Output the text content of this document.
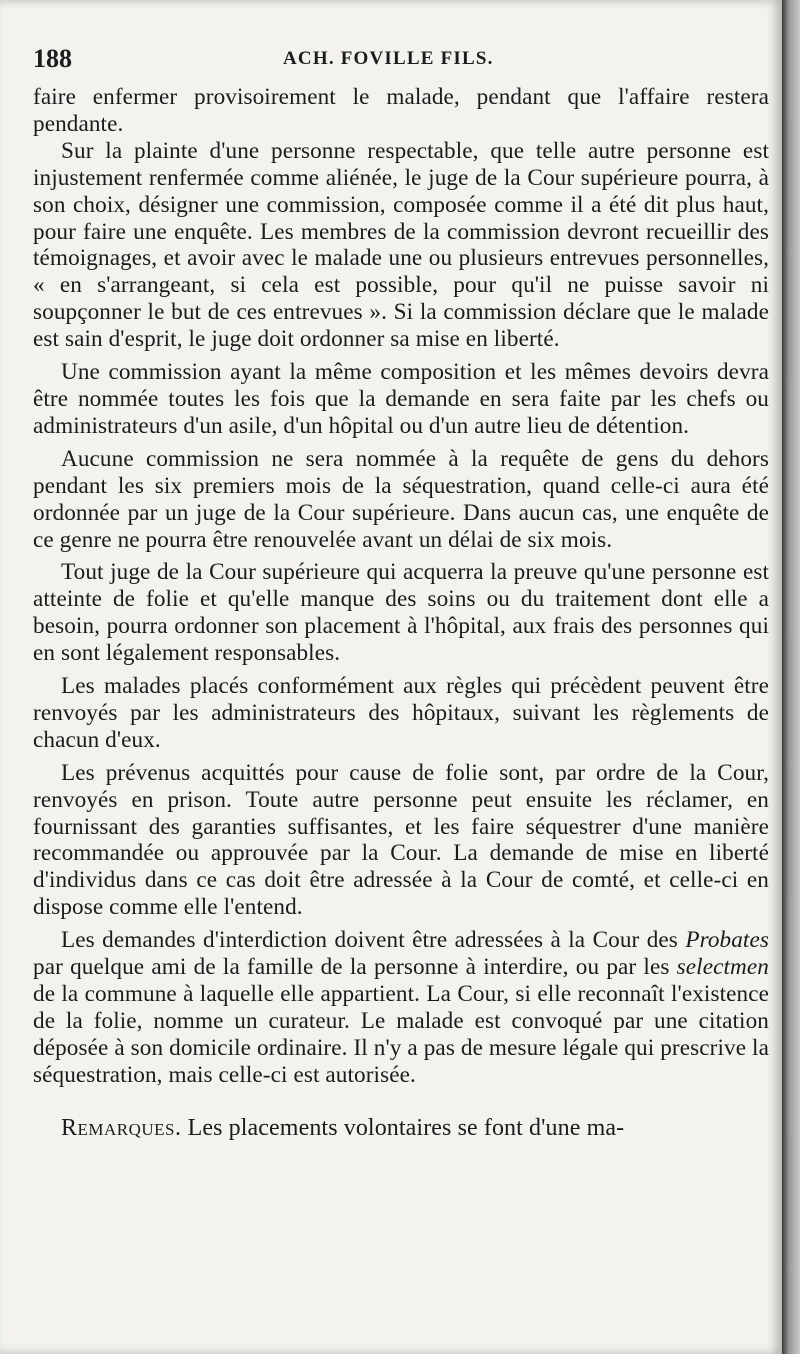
188	ACH. FOVILLE FILS.

faire enfermer provisoirement le malade, pendant que l'affaire restera pendante.

Sur la plainte d'une personne respectable, que telle autre personne est injustement renfermée comme aliénée, le juge de la Cour supérieure pourra, à son choix, désigner une commission, composée comme il a été dit plus haut, pour faire une enquête. Les membres de la commission devront recueillir des témoignages, et avoir avec le malade une ou plusieurs entrevues personnelles, « en s'arrangeant, si cela est possible, pour qu'il ne puisse savoir ni soupçonner le but de ces entrevues ». Si la commission déclare que le malade est sain d'esprit, le juge doit ordonner sa mise en liberté.

Une commission ayant la même composition et les mêmes devoirs devra être nommée toutes les fois que la demande en sera faite par les chefs ou administrateurs d'un asile, d'un hôpital ou d'un autre lieu de détention.

Aucune commission ne sera nommée à la requête de gens du dehors pendant les six premiers mois de la séquestration, quand celle-ci aura été ordonnée par un juge de la Cour supérieure. Dans aucun cas, une enquête de ce genre ne pourra être renouvelée avant un délai de six mois.

Tout juge de la Cour supérieure qui acquerra la preuve qu'une personne est atteinte de folie et qu'elle manque des soins ou du traitement dont elle a besoin, pourra ordonner son placement à l'hôpital, aux frais des personnes qui en sont légalement responsables.

Les malades placés conformément aux règles qui précèdent peuvent être renvoyés par les administrateurs des hôpitaux, suivant les règlements de chacun d'eux.

Les prévenus acquittés pour cause de folie sont, par ordre de la Cour, renvoyés en prison. Toute autre personne peut ensuite les réclamer, en fournissant des garanties suffisantes, et les faire séquestrer d'une manière recommandée ou approuvée par la Cour. La demande de mise en liberté d'individus dans ce cas doit être adressée à la Cour de comté, et celle-ci en dispose comme elle l'entend.

Les demandes d'interdiction doivent être adressées à la Cour des Probates par quelque ami de la famille de la personne à interdire, ou par les selectmen de la commune à laquelle elle appartient. La Cour, si elle reconnaît l'existence de la folie, nomme un curateur. Le malade est convoqué par une citation déposée à son domicile ordinaire. Il n'y a pas de mesure légale qui prescrive la séquestration, mais celle-ci est autorisée.

Remarques. Les placements volontaires se font d'une ma-
